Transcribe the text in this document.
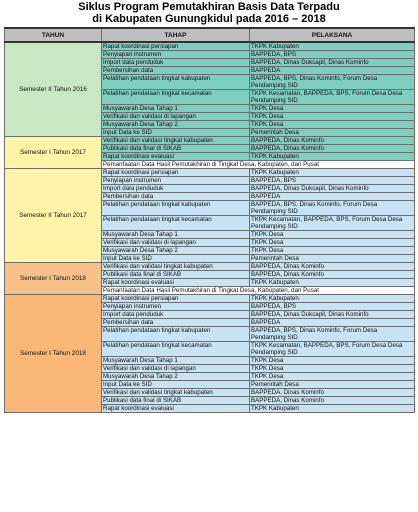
Siklus Program Pemutakhiran Basis Data Terpadu
di Kabupaten Gunungkidul pada 2016 – 2018
TAHUN	TAHAP	PELAKSANA
Semester II Tahun 2016	Rapat koordinasi persiapan	TKPK Kabupaten
	Penyiapan instrumen	BAPPEDA, BPS
	Import data penduduk	BAPPEDA, Dinas Dukcapil, Dinas Kominfo
	Pembersihan data	BAPPEDA
	Pelatihan pendataan tingkat kabupaten	BAPPEDA, BPS, Dinas Kominfo, Forum Desa Pendamping SID
	Pelatihan pendataan tingkat kecamatan	TKPK Kecamatan, BAPPEDA, BPS, Forum Desa Desa Pendamping SID
	Musyawarah Desa Tahap 1	TKPK Desa
	Verifikasi dan validasi di lapangan	TKPK Desa
	Musyawarah Desa Tahap 2	TKPK Desa
	Input Data ke SID	Pemerintah Desa
Semester I Tahun 2017	Verifikasi dan validasi tingkat kabupaten	BAPPEDA, Dinas Kominfo
	Publikasi data final di SIKAB	BAPPEDA, Dinas Kominfo
	Rapat koordinasi evaluasi	TKPK Kabupaten
	Pemanfaatan Data Hasil Pemutakhiran di Tingkat Desa, Kabupaten, dan Pusat	
Semester II Tahun 2017	Rapat koordinasi persiapan	TKPK Kabupaten
	Penyiapan instrumen	BAPPEDA, BPS
	Import data penduduk	BAPPEDA, Dinas Dukcapil, Dinas Kominfo
	Pembersihan data	BAPPEDA
	Pelatihan pendataan tingkat kabupaten	BAPPEDA, BPS, Dinas Kominfo, Forum Desa Pendamping SID
	Pelatihan pendataan tingkat kecamatan	TKPK Kecamatan, BAPPEDA, BPS, Forum Desa Desa Pendamping SID
	Musyawarah Desa Tahap 1	TKPK Desa
	Verifikasi dan validasi di lapangan	TKPK Desa
	Musyawarah Desa Tahap 2	TKPK Desa
	Input Data ke SID	Pemerintah Desa
Semester I Tahun 2018	Verifikasi dan validasi tingkat kabupaten	BAPPEDA, Dinas Kominfo
	Publikasi data final di SIKAB	BAPPEDA, Dinas Kominfo
	Rapat koordinasi evaluasi	TKPK Kabupaten
	Pemanfaatan Data Hasil Pemutakhiran di Tingkat Desa, Kabupaten, dan Pusat	
Semester I Tahun 2018	Rapat koordinasi persiapan	TKPK Kabupaten
	Penyiapan instrumen	BAPPEDA, BPS
	Import data penduduk	BAPPEDA, Dinas Dukcapil, Dinas Kominfo
	Pembersihan data	BAPPEDA
	Pelatihan pendataan tingkat kabupaten	BAPPEDA, BPS, Dinas Kominfo, Forum Desa Pendamping SID
	Pelatihan pendataan tingkat kecamatan	TKPK Kecamatan, BAPPEDA, BPS, Forum Desa Desa Pendamping SID
	Musyawarah Desa Tahap 1	TKPK Desa
	Verifikasi dan validasi di lapangan	TKPK Desa
	Musyawarah Desa Tahap 2	TKPK Desa
	Input Data ke SID	Pemerintah Desa
	Verifikasi dan validasi tingkat kabupaten	BAPPEDA, Dinas Kominfo
	Publikasi data final di SIKAB	BAPPEDA, Dinas Kominfo
	Rapat koordinasi evaluasi	TKPK Kabupaten
